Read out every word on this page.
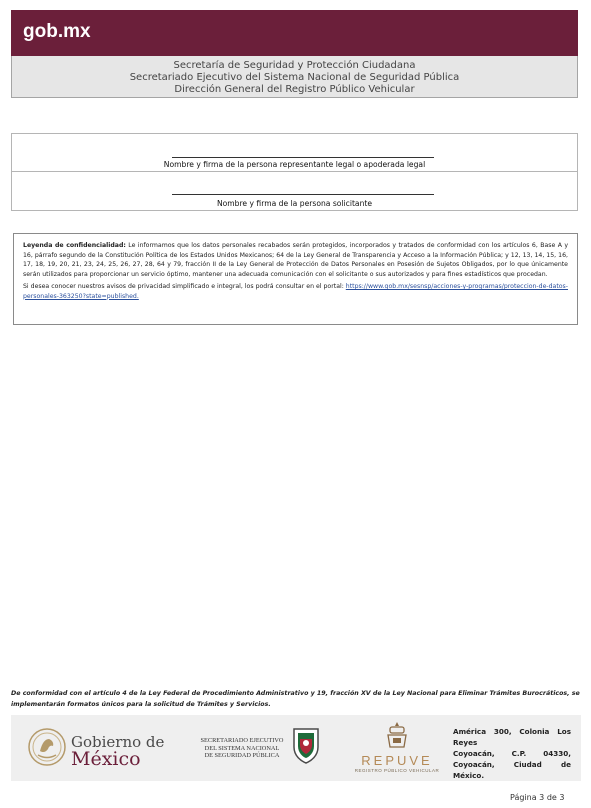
gob.mx
Secretaría de Seguridad y Protección Ciudadana
Secretariado Ejecutivo del Sistema Nacional de Seguridad Pública
Dirección General del Registro Público Vehicular
Nombre y firma de la persona representante legal o apoderada legal
Nombre y firma de la persona solicitante

Leyenda de confidencialidad: Le informamos que los datos personales recabados serán protegidos, incorporados y tratados de conformidad con los artículos 6, Base A y 16, párrafo segundo de la Constitución Política de los Estados Unidos Mexicanos; 64 de la Ley General de Transparencia y Acceso a la Información Pública; y 12, 13, 14, 15, 16, 17, 18, 19, 20, 21, 23, 24, 25, 26, 27, 28, 64 y 79, fracción II de la Ley General de Protección de Datos Personales en Posesión de Sujetos Obligados, por lo que únicamente serán utilizados para proporcionar un servicio óptimo, mantener una adecuada comunicación con el solicitante o sus autorizados y para fines estadísticos que procedan.

Si desea conocer nuestros avisos de privacidad simplificado e integral, los podrá consultar en el portal: https://www.gob.mx/sesnsp/acciones-y-programas/proteccion-de-datos-personales-363250?state=published.

De conformidad con el artículo 4 de la Ley Federal de Procedimiento Administrativo y 19, fracción XV de la Ley Nacional para Eliminar Trámites Burocráticos, se implementarán formatos únicos para la solicitud de Trámites y Servicios.
Gobierno de
México
SECRETARIADO EJECUTIVO
DEL SISTEMA NACIONAL
DE SEGURIDAD PÚBLICA	REPUVE
REGISTRO PÚBLICO VEHICULAR
América 300, Colonia Los Reyes
Coyoacán, C.P. 04330,
Coyoacán, Ciudad de México.
Página 3 de 3
